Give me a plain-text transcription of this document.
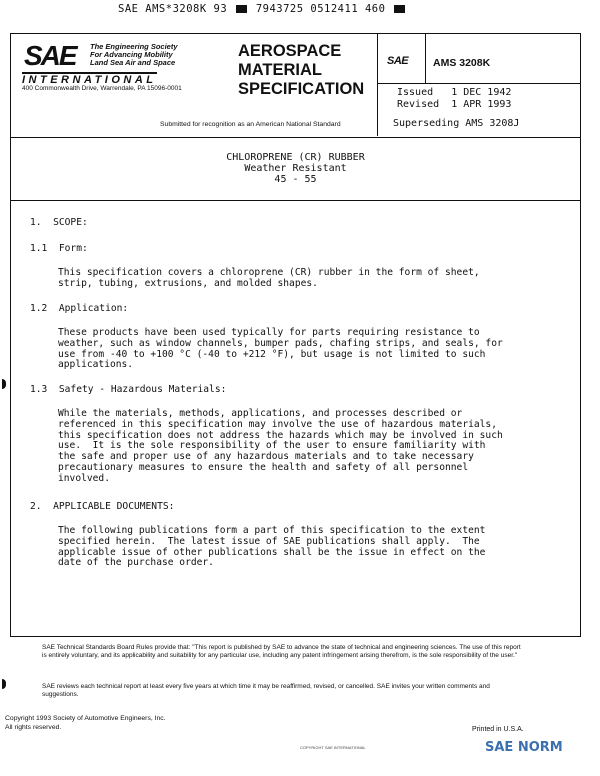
SAE AMS*3208K 93	7943725 0512411 460
SAE The Engineering Society
For Advancing Mobility
Land Sea Air and Space
INTERNATIONAL
400 Commonwealth Drive, Warrendale, PA 15096-0001
AEROSPACE
MATERIAL
SPECIFICATION
Submitted for recognition as an American National Standard
SAE AMS 3208K
Issued 1 DEC 1942
Revised 1 APR 1993
Superseding AMS 3208J
CHLOROPRENE (CR) RUBBER
Weather Resistant
45 - 55
1.  SCOPE:
1.1  Form:
This specification covers a chloroprene (CR) rubber in the form of sheet,
strip, tubing, extrusions, and molded shapes.
1.2  Application:
These products have been used typically for parts requiring resistance to
weather, such as window channels, bumper pads, chafing strips, and seals, for
use from -40 to +100 °C (-40 to +212 °F), but usage is not limited to such
applications.
1.3  Safety - Hazardous Materials:
While the materials, methods, applications, and processes described or
referenced in this specification may involve the use of hazardous materials,
this specification does not address the hazards which may be involved in such
use.  It is the sole responsibility of the user to ensure familiarity with
the safe and proper use of any hazardous materials and to take necessary
precautionary measures to ensure the health and safety of all personnel
involved.
2.  APPLICABLE DOCUMENTS:
The following publications form a part of this specification to the extent
specified herein.  The latest issue of SAE publications shall apply.  The
applicable issue of other publications shall be the issue in effect on the
date of the purchase order.
SAE Technical Standards Board Rules provide that: "This report is published by SAE to advance the state of technical and engineering sciences. The use of this report is entirely voluntary, and its applicability and suitability for any particular use, including any patent infringement arising therefrom, is the sole responsibility of the user."
SAE reviews each technical report at least every five years at which time it may be reaffirmed, revised, or cancelled. SAE invites your written comments and suggestions.
Copyright 1993 Society of Automotive Engineers, Inc.
All rights reserved.	Printed in U.S.A.
COPYRIGHT SAE INTERNATIONAL	SAE NORM
